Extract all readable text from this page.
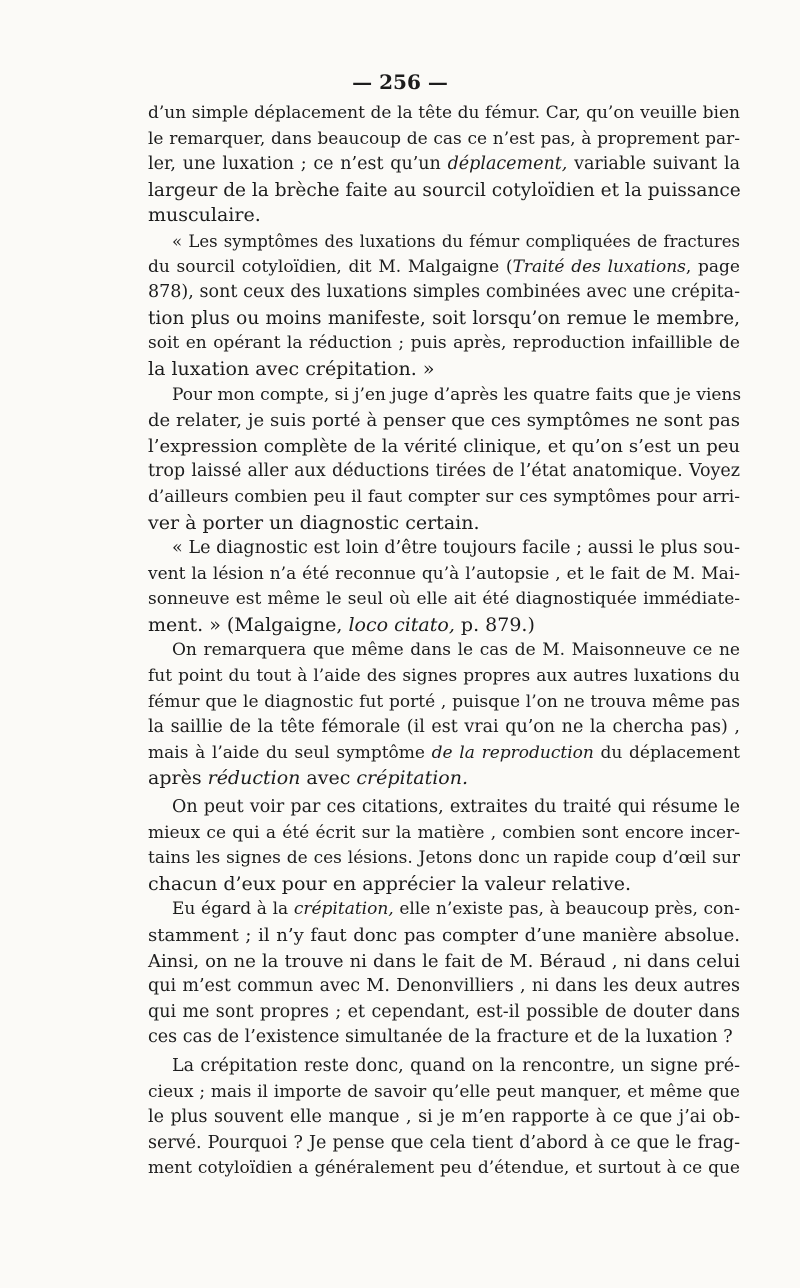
— 256 —
d’un simple déplacement de la tête du fémur. Car, qu’on veuille bien
le remarquer, dans beaucoup de cas ce n’est pas, à proprement par-
ler, une luxation ; ce n’est qu’un déplacement, variable suivant la
largeur de la brèche faite au sourcil cotyloïdien et la puissance
musculaire.
« Les symptômes des luxations du fémur compliquées de fractures
du sourcil cotyloïdien, dit M. Malgaigne (Traité des luxations, page
878), sont ceux des luxations simples combinées avec une crépita-
tion plus ou moins manifeste, soit lorsqu’on remue le membre,
soit en opérant la réduction ; puis après, reproduction infaillible de
la luxation avec crépitation. »
Pour mon compte, si j’en juge d’après les quatre faits que je viens
de relater, je suis porté à penser que ces symptômes ne sont pas
l’expression complète de la vérité clinique, et qu’on s’est un peu
trop laissé aller aux déductions tirées de l’état anatomique. Voyez
d’ailleurs combien peu il faut compter sur ces symptômes pour arri-
ver à porter un diagnostic certain.
« Le diagnostic est loin d’être toujours facile ; aussi le plus sou-
vent la lésion n’a été reconnue qu’à l’autopsie , et le fait de M. Mai-
sonneuve est même le seul où elle ait été diagnostiquée immédiate-
ment. » (Malgaigne, loco citato, p. 879.)
On remarquera que même dans le cas de M. Maisonneuve ce ne
fut point du tout à l’aide des signes propres aux autres luxations du
fémur que le diagnostic fut porté , puisque l’on ne trouva même pas
la saillie de la tête fémorale (il est vrai qu’on ne la chercha pas) ,
mais à l’aide du seul symptôme de la reproduction du déplacement
après réduction avec crépitation.
On peut voir par ces citations, extraites du traité qui résume le
mieux ce qui a été écrit sur la matière , combien sont encore incer-
tains les signes de ces lésions. Jetons donc un rapide coup d’œil sur
chacun d’eux pour en apprécier la valeur relative.
Eu égard à la crépitation, elle n’existe pas, à beaucoup près, con-
stamment ; il n’y faut donc pas compter d’une manière absolue.
Ainsi, on ne la trouve ni dans le fait de M. Béraud , ni dans celui
qui m’est commun avec M. Denonvilliers , ni dans les deux autres
qui me sont propres ; et cependant, est-il possible de douter dans
ces cas de l’existence simultanée de la fracture et de la luxation ?
La crépitation reste donc, quand on la rencontre, un signe pré-
cieux ; mais il importe de savoir qu’elle peut manquer, et même que
le plus souvent elle manque , si je m’en rapporte à ce que j’ai ob-
servé. Pourquoi ? Je pense que cela tient d’abord à ce que le frag-
ment cotyloïdien a généralement peu d’étendue, et surtout à ce que
